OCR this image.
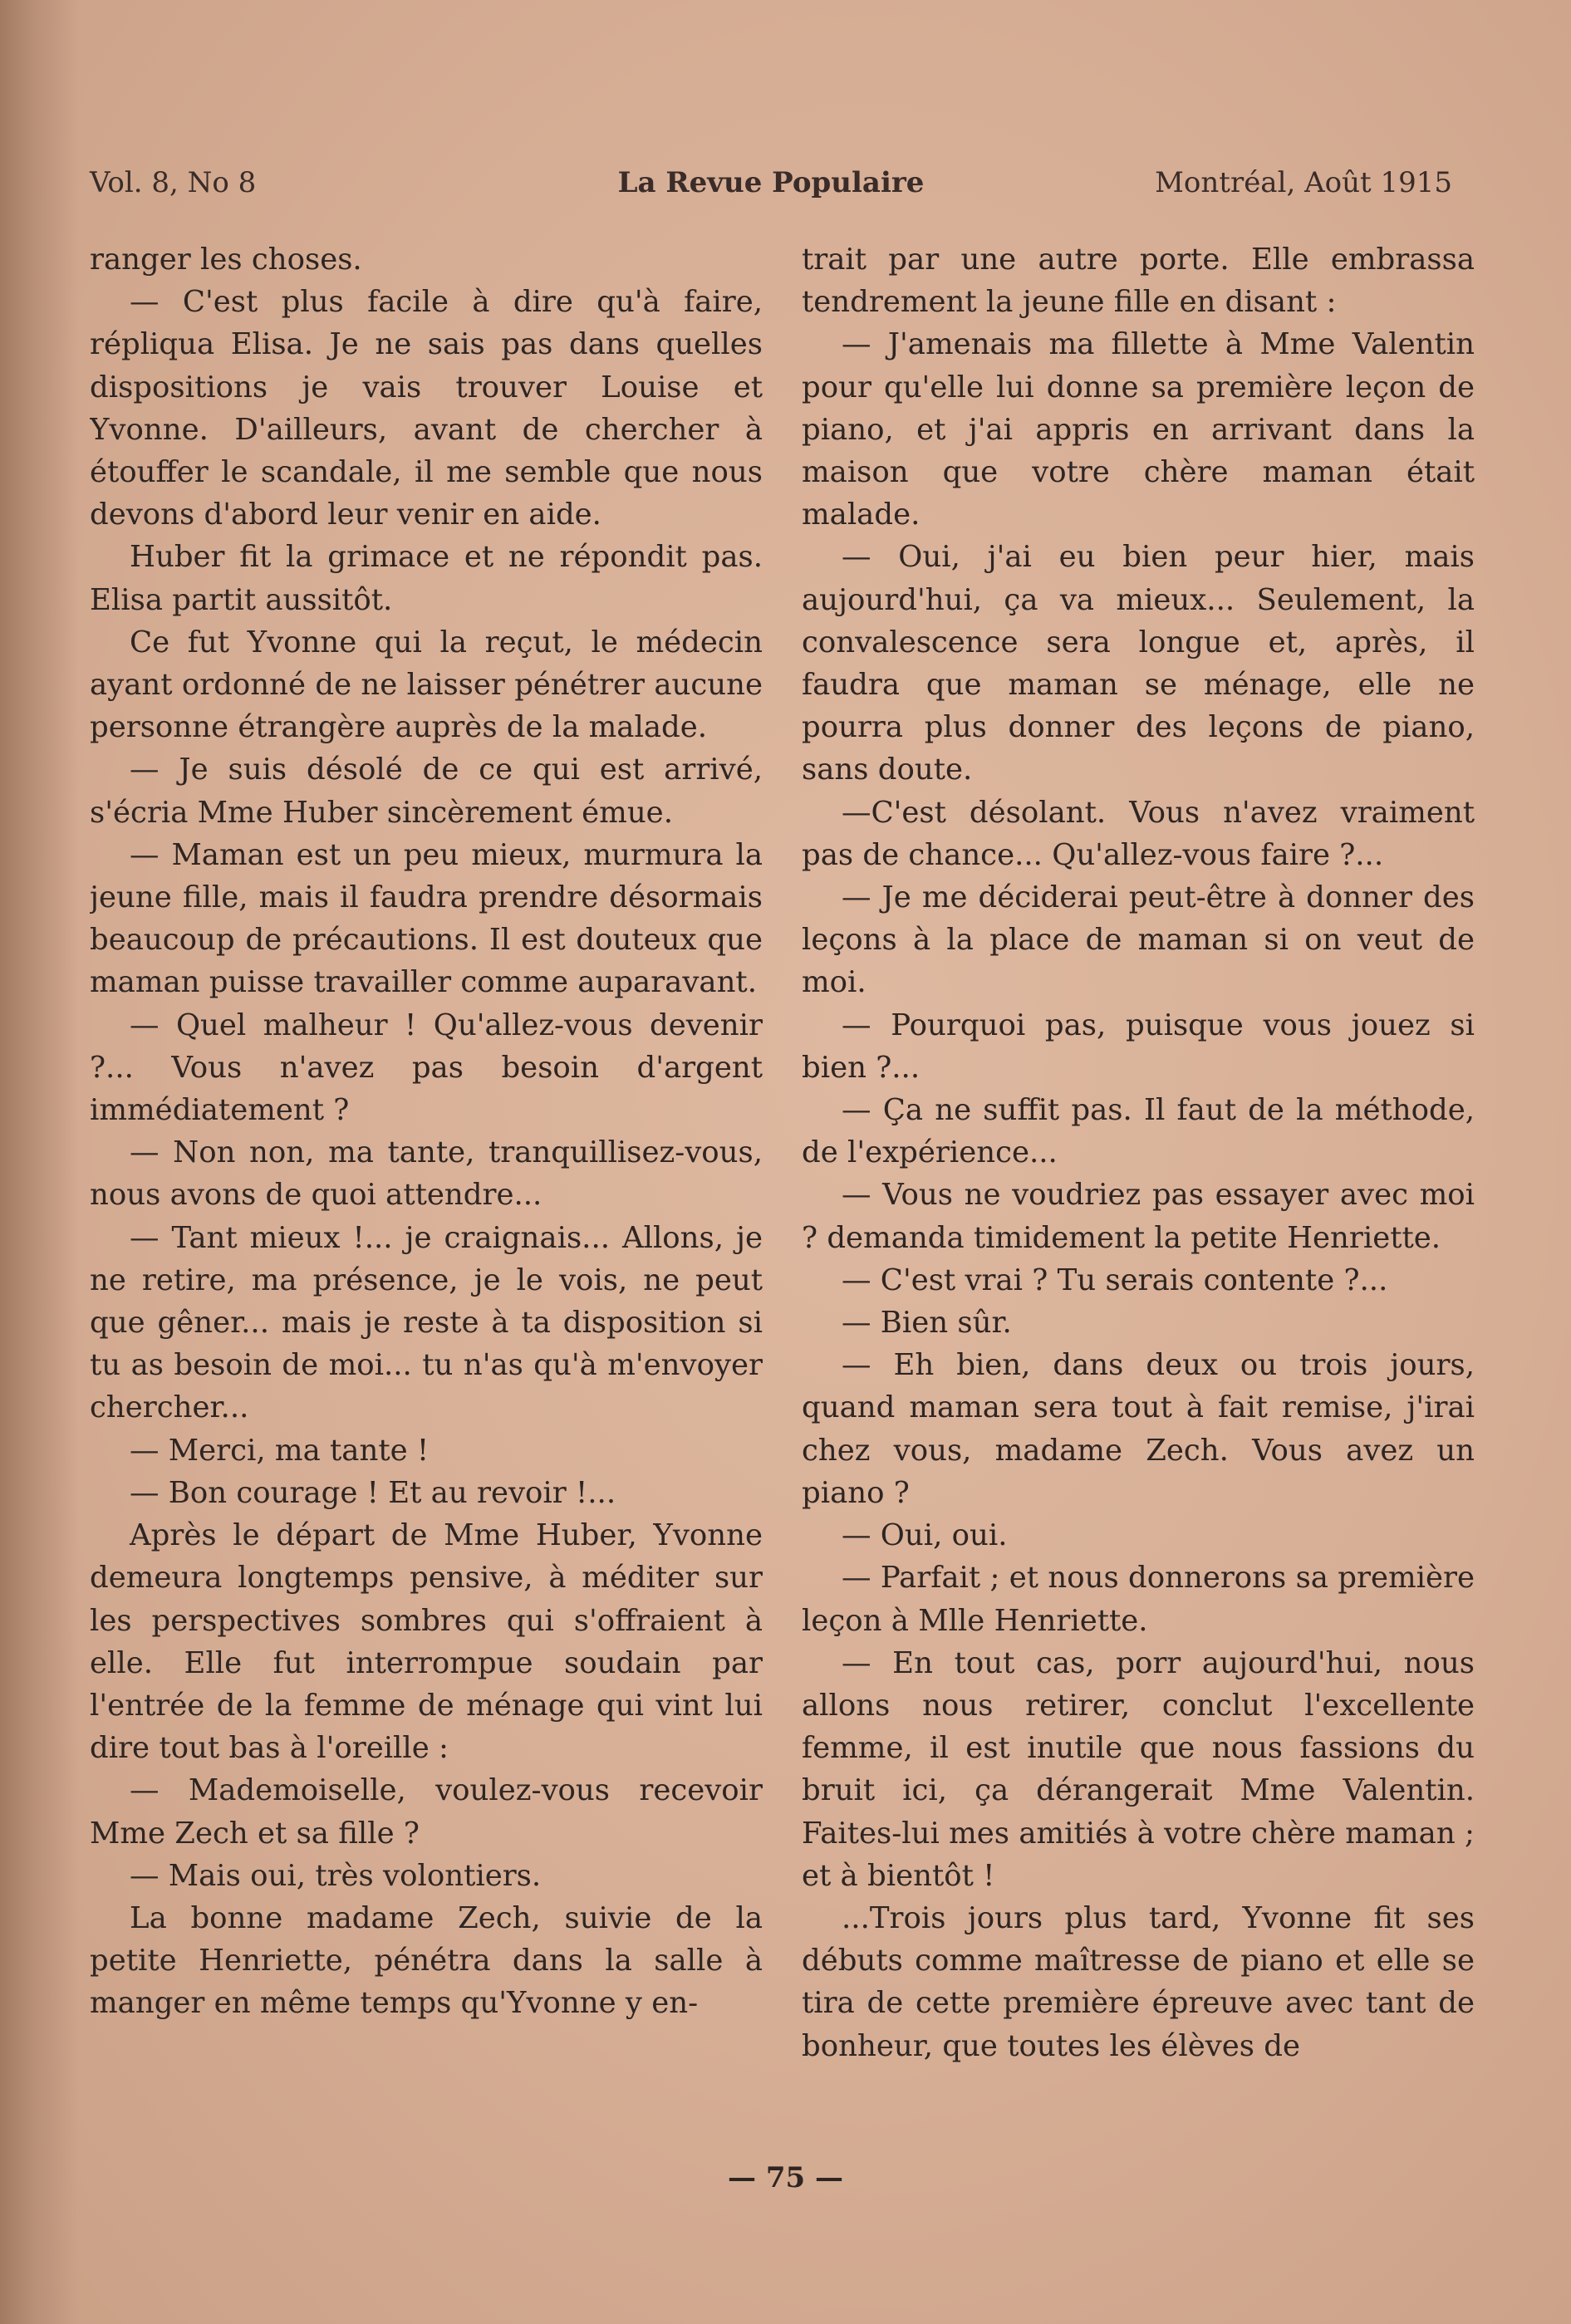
Vol. 8, No 8	La Revue Populaire	Montréal, Août 1915

ranger les choses.

— C'est plus facile à dire qu'à faire, répliqua Elisa. Je ne sais pas dans quelles dispositions je vais trouver Louise et Yvonne. D'ailleurs, avant de chercher à étouffer le scandale, il me semble que nous devons d'abord leur venir en aide.

Huber fit la grimace et ne répondit pas. Elisa partit aussitôt.

Ce fut Yvonne qui la reçut, le médecin ayant ordonné de ne laisser pénétrer aucune personne étrangère auprès de la malade.

— Je suis désolé de ce qui est arrivé, s'écria Mme Huber sincèrement émue.

— Maman est un peu mieux, murmura la jeune fille, mais il faudra prendre désormais beaucoup de précautions. Il est douteux que maman puisse travailler comme auparavant.

— Quel malheur ! Qu'allez-vous devenir ?... Vous n'avez pas besoin d'argent immédiatement ?

— Non non, ma tante, tranquillisez-vous, nous avons de quoi attendre...

— Tant mieux !... je craignais... Allons, je ne retire, ma présence, je le vois, ne peut que gêner... mais je reste à ta disposition si tu as besoin de moi... tu n'as qu'à m'envoyer chercher...

— Merci, ma tante !

— Bon courage ! Et au revoir !...

Après le départ de Mme Huber, Yvonne demeura longtemps pensive, à méditer sur les perspectives sombres qui s'offraient à elle. Elle fut interrompue soudain par l'entrée de la femme de ménage qui vint lui dire tout bas à l'oreille :

— Mademoiselle, voulez-vous recevoir Mme Zech et sa fille ?

— Mais oui, très volontiers.

La bonne madame Zech, suivie de la petite Henriette, pénétra dans la salle à manger en même temps qu'Yvonne y en-

trait par une autre porte. Elle embrassa tendrement la jeune fille en disant :

— J'amenais ma fillette à Mme Valentin pour qu'elle lui donne sa première leçon de piano, et j'ai appris en arrivant dans la maison que votre chère maman était malade.

— Oui, j'ai eu bien peur hier, mais aujourd'hui, ça va mieux... Seulement, la convalescence sera longue et, après, il faudra que maman se ménage, elle ne pourra plus donner des leçons de piano, sans doute.

—C'est désolant. Vous n'avez vraiment pas de chance... Qu'allez-vous faire ?...

— Je me déciderai peut-être à donner des leçons à la place de maman si on veut de moi.

— Pourquoi pas, puisque vous jouez si bien ?...

— Ça ne suffit pas. Il faut de la méthode, de l'expérience...

— Vous ne voudriez pas essayer avec moi ? demanda timidement la petite Henriette.

— C'est vrai ? Tu serais contente ?...

— Bien sûr.

— Eh bien, dans deux ou trois jours, quand maman sera tout à fait remise, j'irai chez vous, madame Zech. Vous avez un piano ?

— Oui, oui.

— Parfait ; et nous donnerons sa première leçon à Mlle Henriette.

— En tout cas, porr aujourd'hui, nous allons nous retirer, conclut l'excellente femme, il est inutile que nous fassions du bruit ici, ça dérangerait Mme Valentin. Faites-lui mes amitiés à votre chère maman ; et à bientôt !

...Trois jours plus tard, Yvonne fit ses débuts comme maîtresse de piano et elle se tira de cette première épreuve avec tant de bonheur, que toutes les élèves de

— 75 —
